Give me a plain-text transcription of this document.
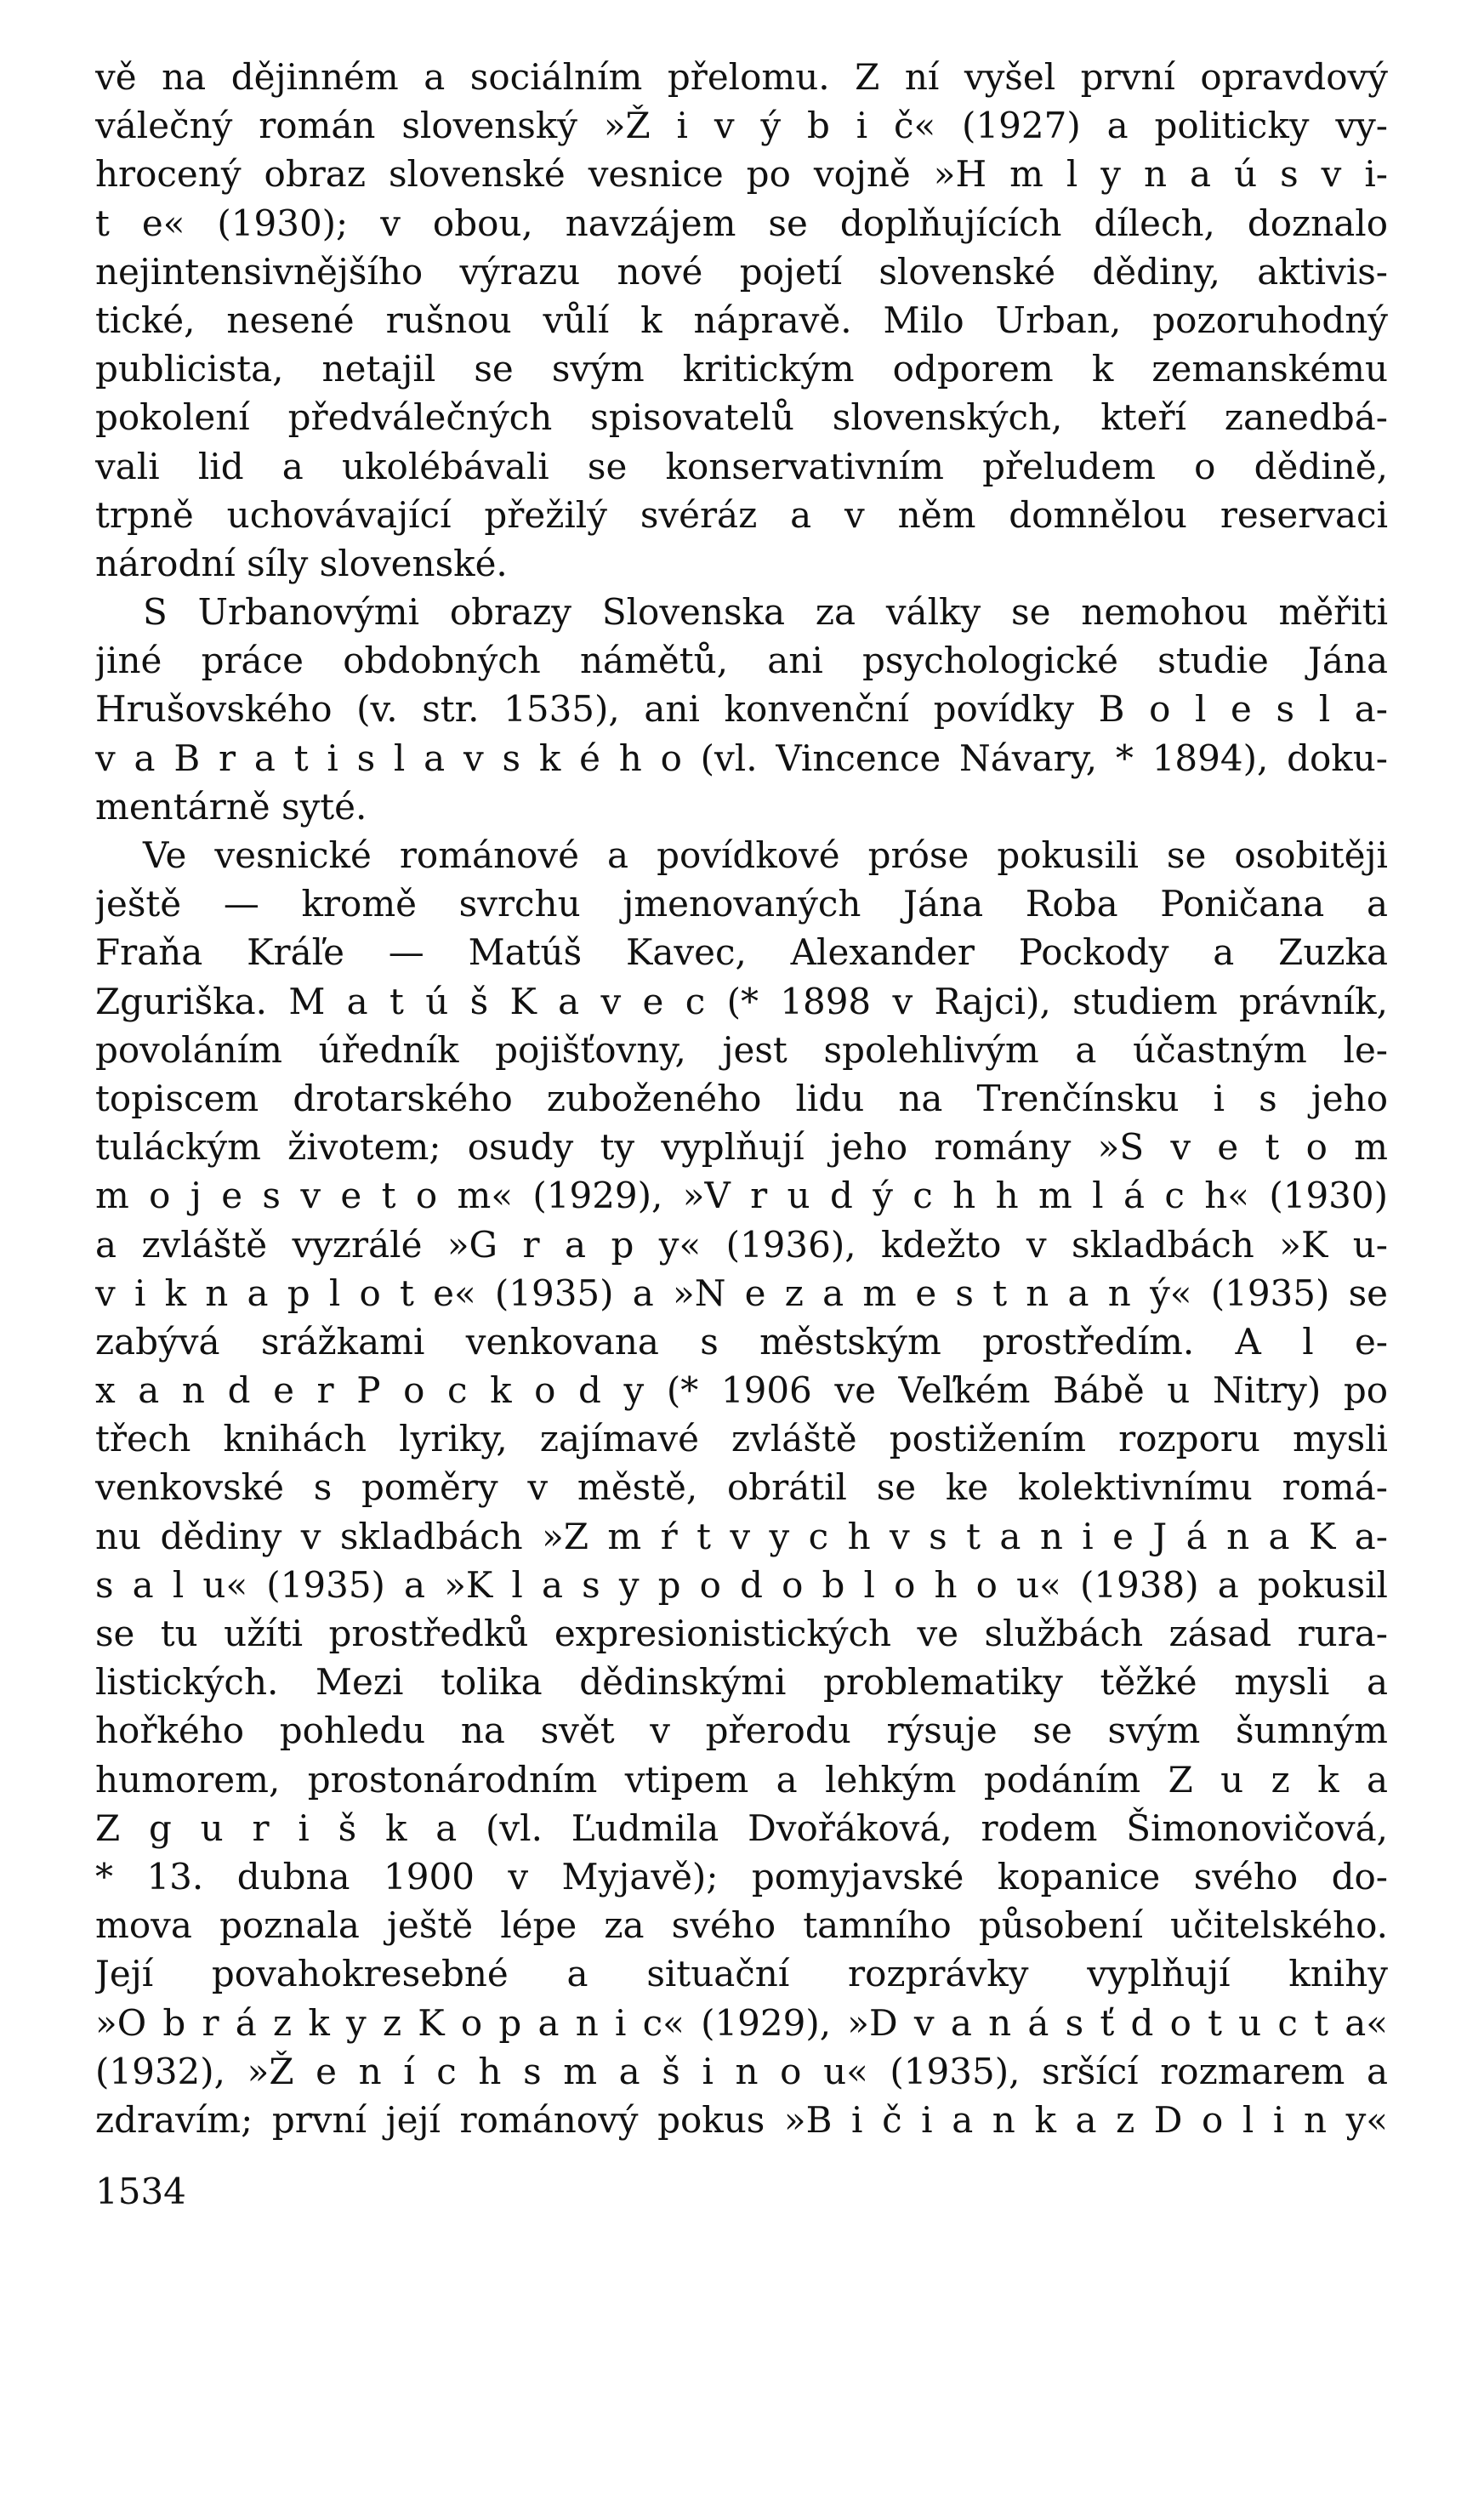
vě na dějinném a sociálním přelomu. Z ní vyšel první opravdový
válečný román slovenský »Ž i v ý b i č« (1927) a politicky vy-
hrocený obraz slovenské vesnice po vojně »H m l y n a ú s v i-
t e« (1930); v obou, navzájem se doplňujících dílech, doznalo
nejintensivnějšího výrazu nové pojetí slovenské dědiny, aktivis-
tické, nesené rušnou vůlí k nápravě. Milo Urban, pozoruhodný
publicista, netajil se svým kritickým odporem k zemanskému
pokolení předválečných spisovatelů slovenských, kteří zanedbá-
vali lid a ukolébávali se konservativním přeludem o dědině,
trpně uchovávající přežilý svéráz a v něm domnělou reservaci
národní síly slovenské.
S Urbanovými obrazy Slovenska za války se nemohou měřiti
jiné práce obdobných námětů, ani psychologické studie Jána
Hrušovského (v. str. 1535), ani konvenční povídky B o l e s l a-
v a B r a t i s l a v s k é h o (vl. Vincence Návary, * 1894), doku-
mentárně syté.
Ve vesnické románové a povídkové próse pokusili se osobitěji
ještě — kromě svrchu jmenovaných Jána Roba Poničana a
Fraňa Kráľe — Matúš Kavec, Alexander Pockody a Zuzka
Zguriška. M a t ú š K a v e c (* 1898 v Rajci), studiem právník,
povoláním úředník pojišťovny, jest spolehlivým a účastným le-
topiscem drotarského zuboženého lidu na Trenčínsku i s jeho
tuláckým životem; osudy ty vyplňují jeho romány »S v e t o m
m o j e s v e t o m« (1929), »V r u d ý c h h m l á c h« (1930)
a zvláště vyzrálé »G r a p y« (1936), kdežto v skladbách »K u-
v i k n a p l o t e« (1935) a »N e z a m e s t n a n ý« (1935) se
zabývá srážkami venkovana s městským prostředím. A l e-
x a n d e r P o c k o d y (* 1906 ve Veľkém Bábě u Nitry) po
třech knihách lyriky, zajímavé zvláště postižením rozporu mysli
venkovské s poměry v městě, obrátil se ke kolektivnímu romá-
nu dědiny v skladbách »Z m ŕ t v y c h v s t a n i e J á n a K a-
s a l u« (1935) a »K l a s y p o d o b l o h o u« (1938) a pokusil
se tu užíti prostředků expresionistických ve službách zásad rura-
listických. Mezi tolika dědinskými problematiky těžké mysli a
hořkého pohledu na svět v přerodu rýsuje se svým šumným
humorem, prostonárodním vtipem a lehkým podáním Z u z k a
Z g u r i š k a (vl. Ľudmila Dvořáková, rodem Šimonovičová,
* 13. dubna 1900 v Myjavě); pomyjavské kopanice svého do-
mova poznala ještě lépe za svého tamního působení učitelského.
Její povahokresebné a situační rozprávky vyplňují knihy
»O b r á z k y z K o p a n i c« (1929), »D v a n á s ť d o t u c t a«
(1932), »Ž e n í c h s m a š i n o u« (1935), sršící rozmarem a
zdravím; první její románový pokus »B i č i a n k a z D o l i n y«
1534
